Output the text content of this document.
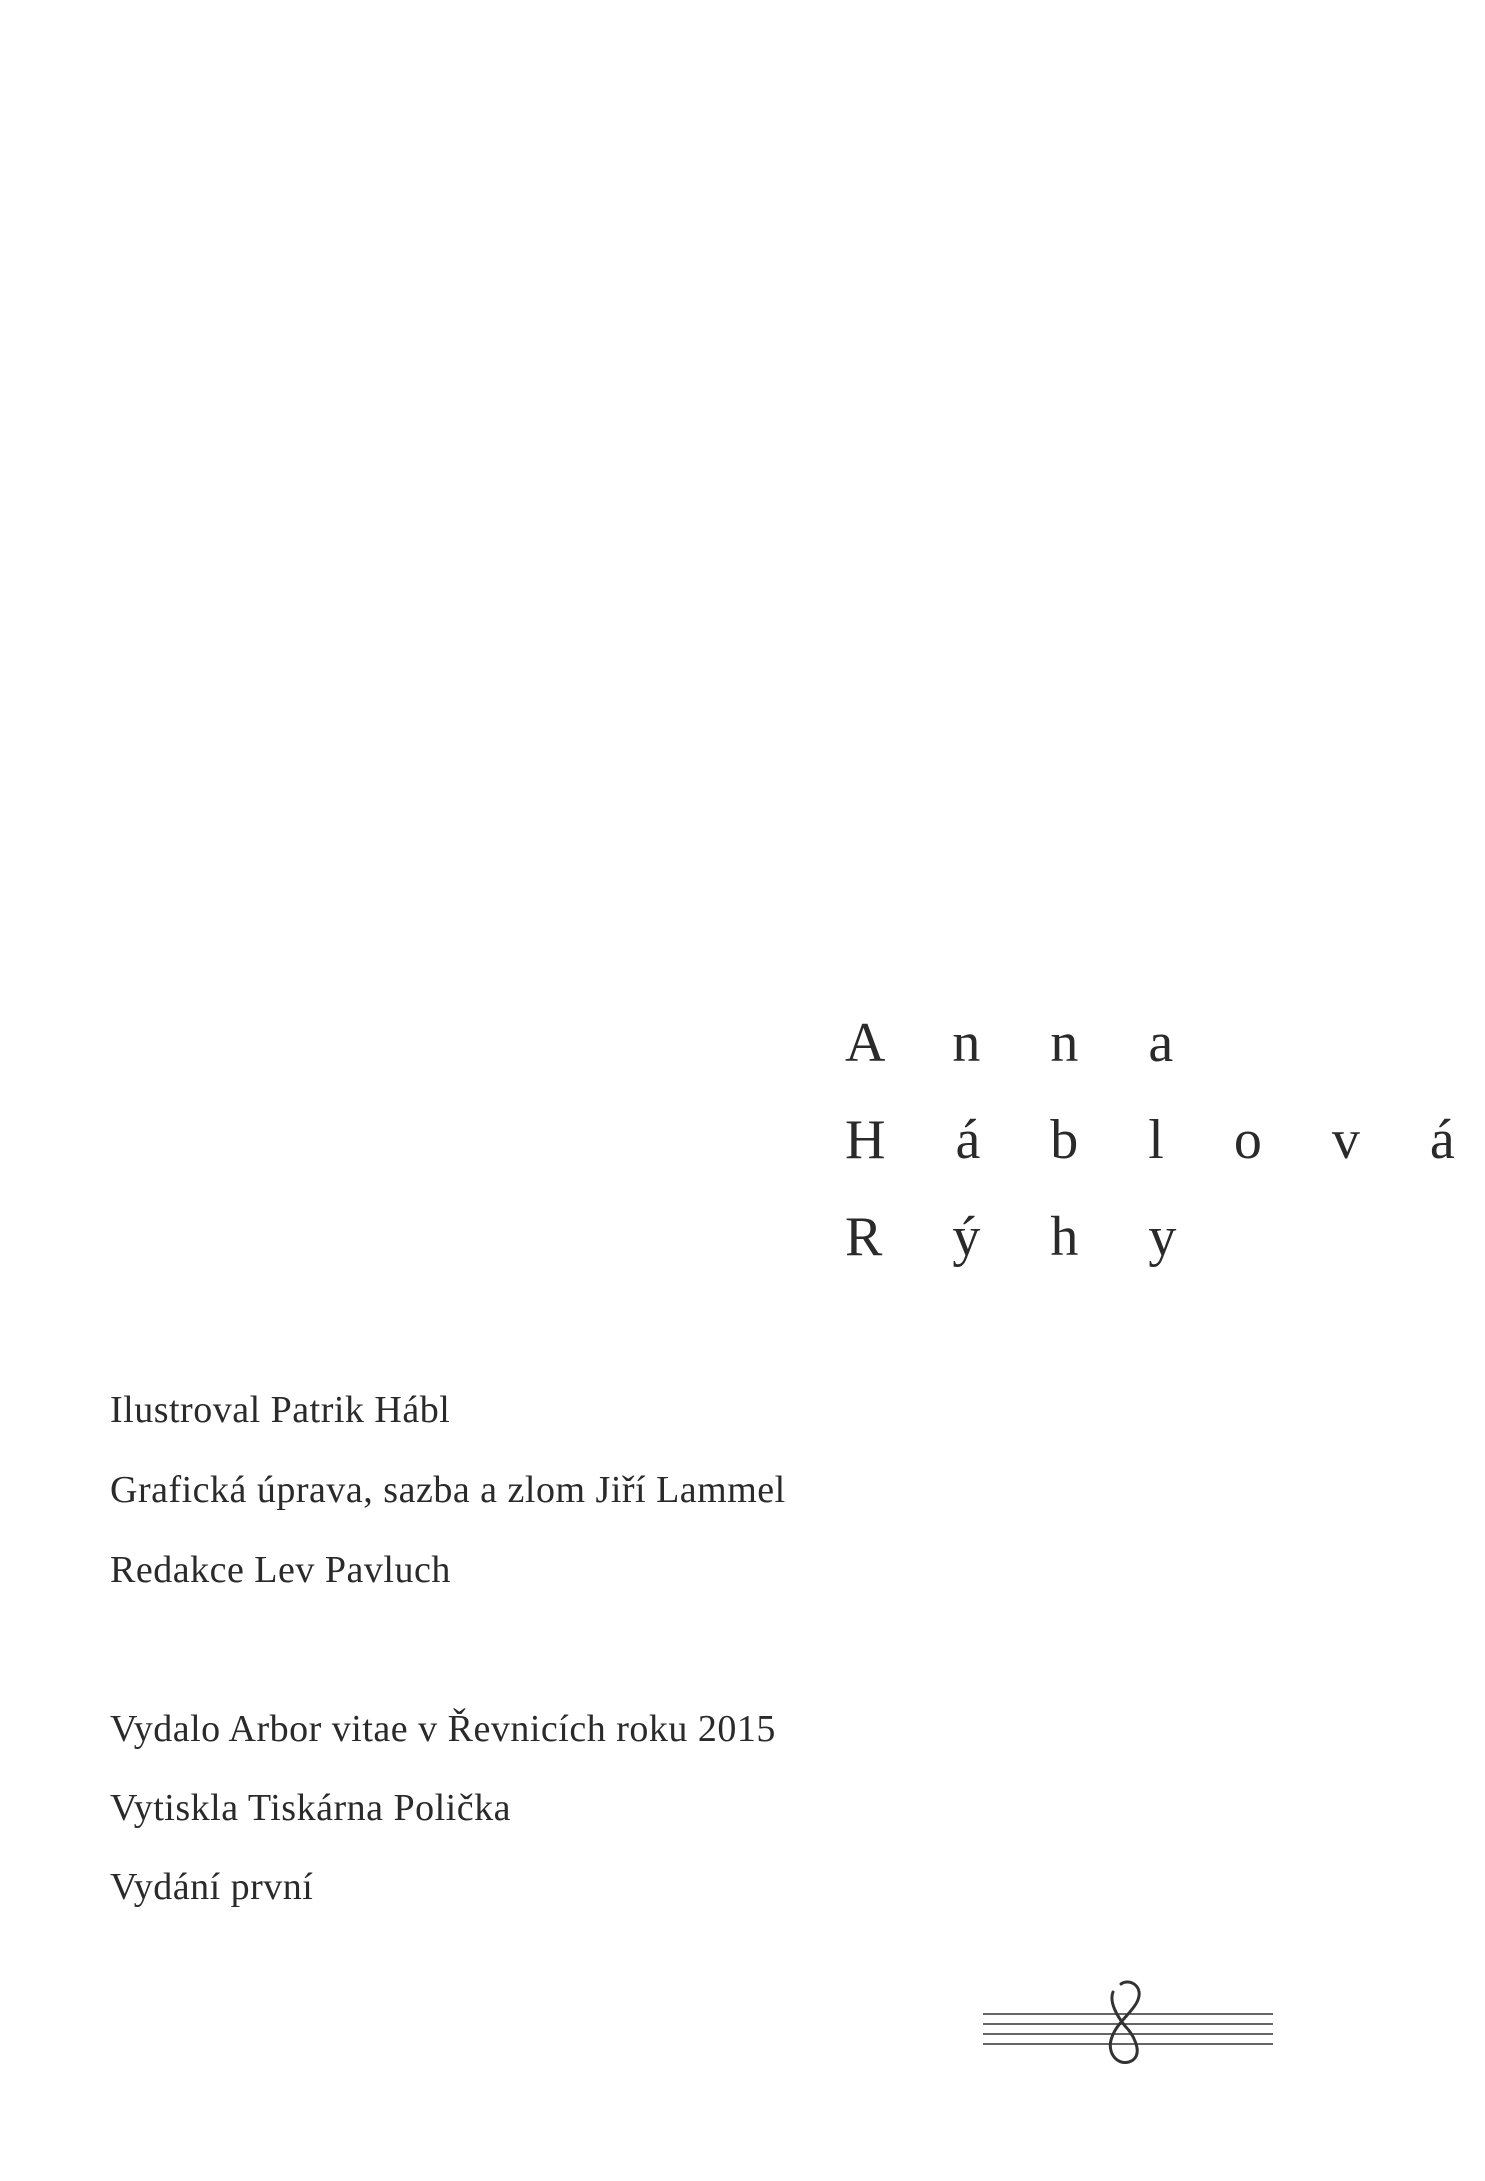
A n n a
H á b l o v á
R ý h y

Ilustroval Patrik Hábl

Grafická úprava, sazba a zlom Jiří Lammel

Redakce Lev Pavluch

Vydalo Arbor vitae v Řevnicích roku 2015

Vytiskla Tiskárna Polička

Vydání první
